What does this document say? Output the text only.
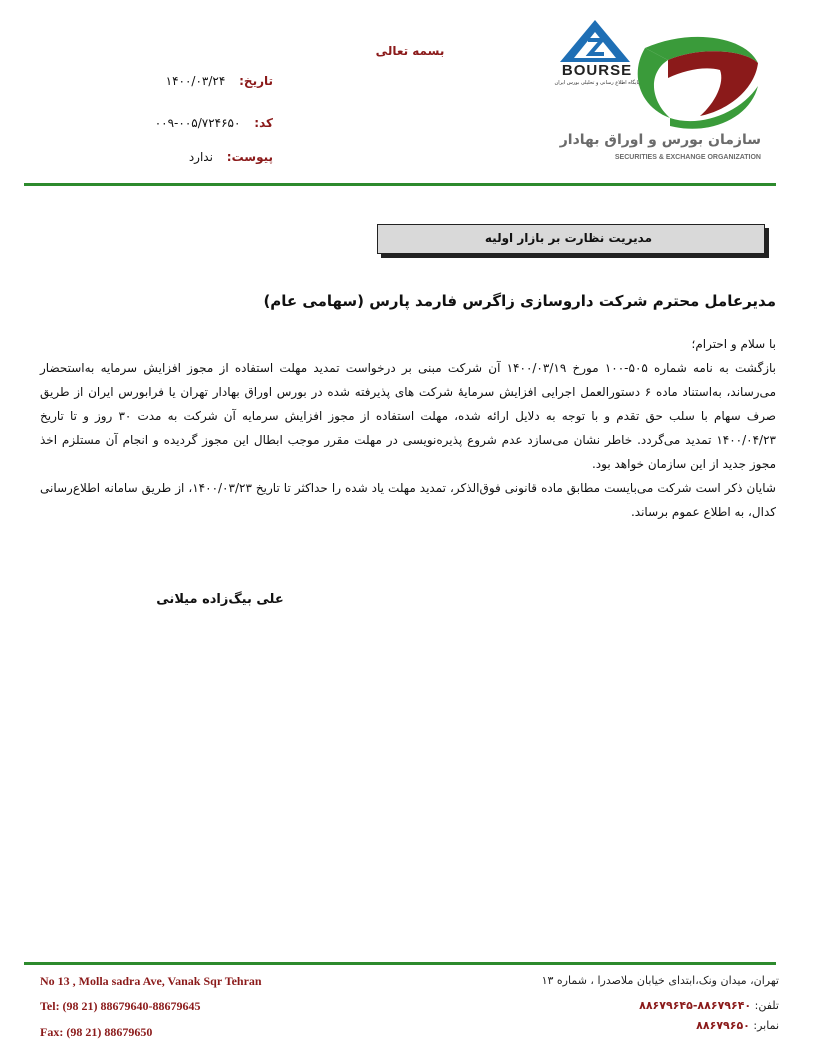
بسمه تعالی
تاریخ: ۱۴۰۰/۰۳/۲۴
کد: ۰۰۵/۷۲۴۶۵۰-۰۰۹
پیوست: ندارد
BOURSE
پایگاه اطلاع رسانی و تحلیلی بورس ایران
سازمان بورس و اوراق بهادار
SECURITIES & EXCHANGE ORGANIZATION
مدیریت نظارت بر بازار اولیه
مدیرعامل محترم شرکت داروسازی زاگرس فارمد پارس (سهامی عام)

با سلام و احترام؛

بازگشت به نامه شماره ۵۰۵-۱۰۰ مورخ ۱۴۰۰/۰۳/۱۹ آن شرکت مبنی بر درخواست تمدید مهلت استفاده از مجوز افزایش سرمایه به‌استحضار می‌رساند، به‌استناد ماده ۶ دستورالعمل اجرایی افزایش سرمایهٔ شرکت های پذیرفته شده در بورس اوراق بهادار تهران یا فرابورس ایران از طریق صرف سهام با سلب حق تقدم و با توجه به دلایل ارائه شده، مهلت استفاده از مجوز افزایش سرمایه آن شرکت به مدت ۳۰ روز و تا تاریخ ۱۴۰۰/۰۴/۲۳ تمدید می‌گردد. خاطر نشان می‌سازد عدم شروع پذیره‌نویسی در مهلت مقرر موجب ابطال این مجوز گردیده و انجام آن مستلزم اخذ مجوز جدید از این سازمان خواهد بود.

شایان ذکر است شرکت می‌بایست مطابق ماده قانونی فوق‌الذکر، تمدید مهلت یاد شده را حداکثر تا تاریخ ۱۴۰۰/۰۳/۲۳، از طریق سامانه اطلاع‌رسانی کدال، به اطلاع عموم برساند.

علی بیگ‌زاده میلانی
No 13 , Molla sadra Ave, Vanak Sqr Tehran
Tel: (98 21) 88679640-88679645
Fax: (98 21) 88679650
تهران، میدان ونک،ابتدای خیابان ملاصدرا ، شماره ۱۳
تلفن: ۸۸۶۷۹۶۴۰-۸۸۶۷۹۶۴۵
نمابر: ۸۸۶۷۹۶۵۰
